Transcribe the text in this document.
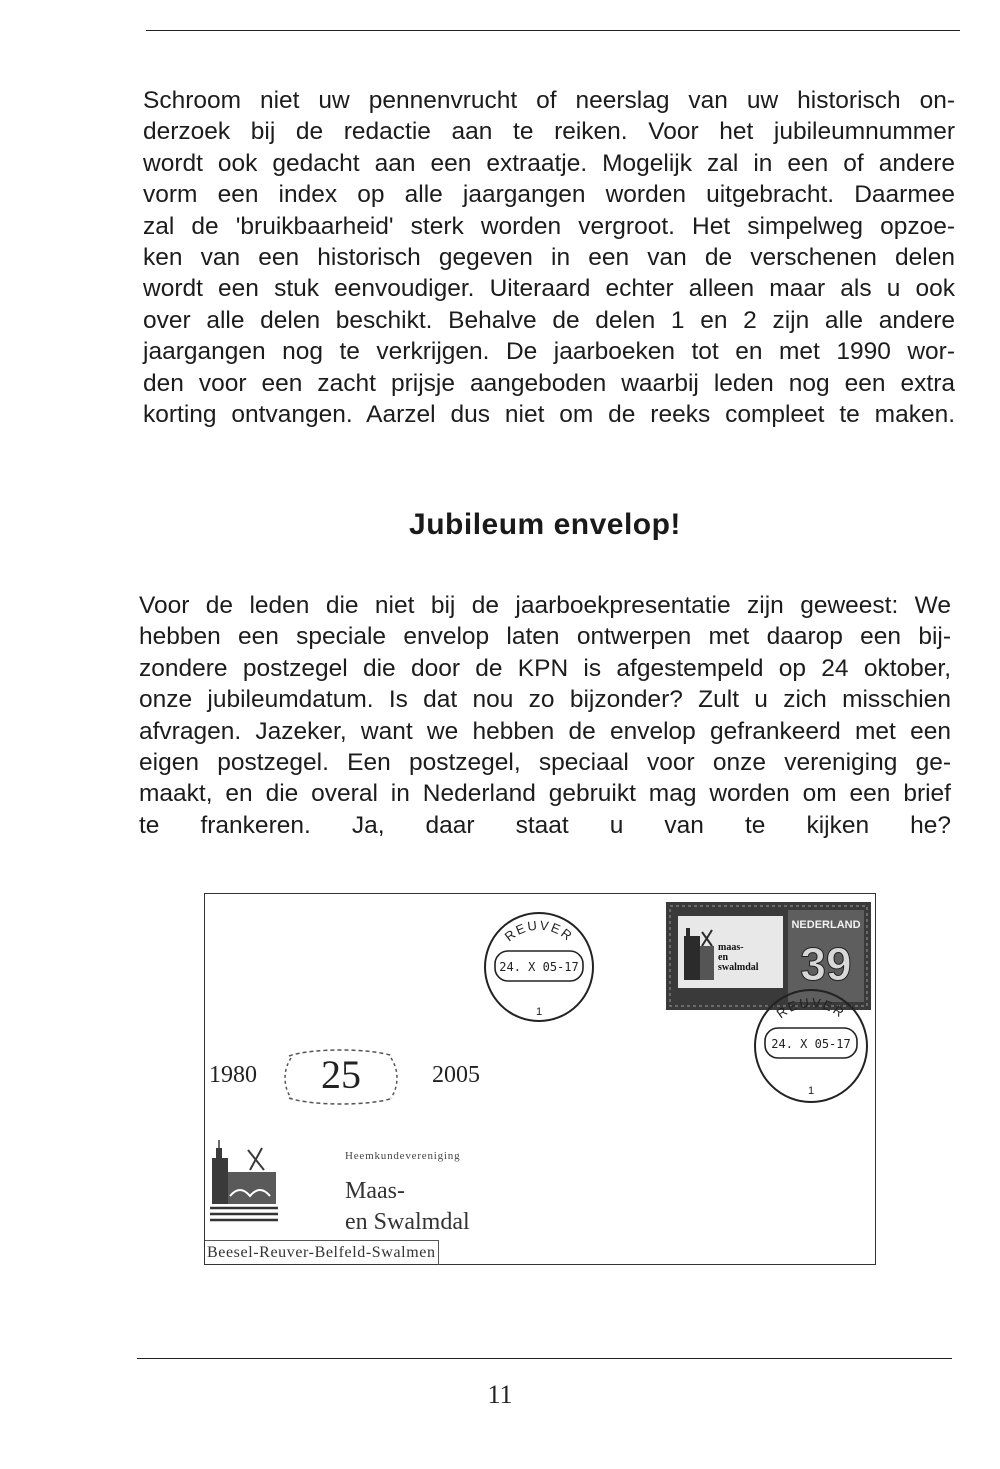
Schroom niet uw pennenvrucht of neerslag van uw historisch on-
derzoek bij de redactie aan te reiken. Voor het jubileumnummer
wordt ook gedacht aan een extraatje. Mogelijk zal in een of andere
vorm een index op alle jaargangen worden uitgebracht. Daarmee
zal de 'bruikbaarheid' sterk worden vergroot. Het simpelweg opzoe-
ken van een historisch gegeven in een van de verschenen delen
wordt een stuk eenvoudiger. Uiteraard echter alleen maar als u ook
over alle delen beschikt. Behalve de delen 1 en 2 zijn alle andere
jaargangen nog te verkrijgen. De jaarboeken tot en met 1990 wor-
den voor een zacht prijsje aangeboden waarbij leden nog een extra
korting ontvangen. Aarzel dus niet om de reeks compleet te maken.

Jubileum envelop!

Voor de leden die niet bij de jaarboekpresentatie zijn geweest: We
hebben een speciale envelop laten ontwerpen met daarop een bij-
zondere postzegel die door de KPN is afgestempeld op 24 oktober,
onze jubileumdatum. Is dat nou zo bijzonder? Zult u zich misschien
afvragen. Jazeker, want we hebben de envelop gefrankeerd met een
eigen postzegel. Een postzegel, speciaal voor onze vereniging ge-
maakt, en die overal in Nederland gebruikt mag worden om een brief
te frankeren. Ja, daar staat u van te kijken he?

REUVER
24. X 05-17
1
maas-
en
swalmdal
NEDERLAND
39
REUVER
24. X 05-17
1
1980 25	2005
Heemkundevereniging
Maas-
en Swalmdal
Beesel-Reuver-Belfeld-Swalmen
11
